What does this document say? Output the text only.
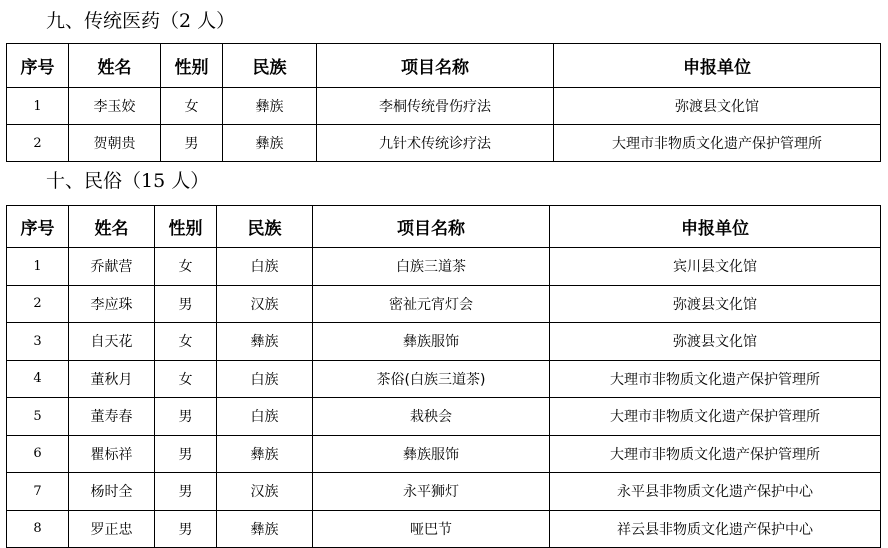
九、传统医药（2 人）
序号	姓名	性别	民族	项目名称	申报单位
1	李玉姣	女	彝族	李桐传统骨伤疗法	弥渡县文化馆
2	贺朝贵	男	彝族	九针术传统诊疗法	大理市非物质文化遗产保护管理所
十、民俗（15 人）
序号	姓名	性别	民族	项目名称	申报单位
1	乔献营	女	白族	白族三道茶	宾川县文化馆
2	李应珠	男	汉族	密祉元宵灯会	弥渡县文化馆
3	自天花	女	彝族	彝族服饰	弥渡县文化馆
4	董秋月	女	白族	茶俗(白族三道茶)	大理市非物质文化遗产保护管理所
5	董寿春	男	白族	栽秧会	大理市非物质文化遗产保护管理所
6	瞿标祥	男	彝族	彝族服饰	大理市非物质文化遗产保护管理所
7	杨时全	男	汉族	永平狮灯	永平县非物质文化遗产保护中心
8	罗正忠	男	彝族	哑巴节	祥云县非物质文化遗产保护中心
